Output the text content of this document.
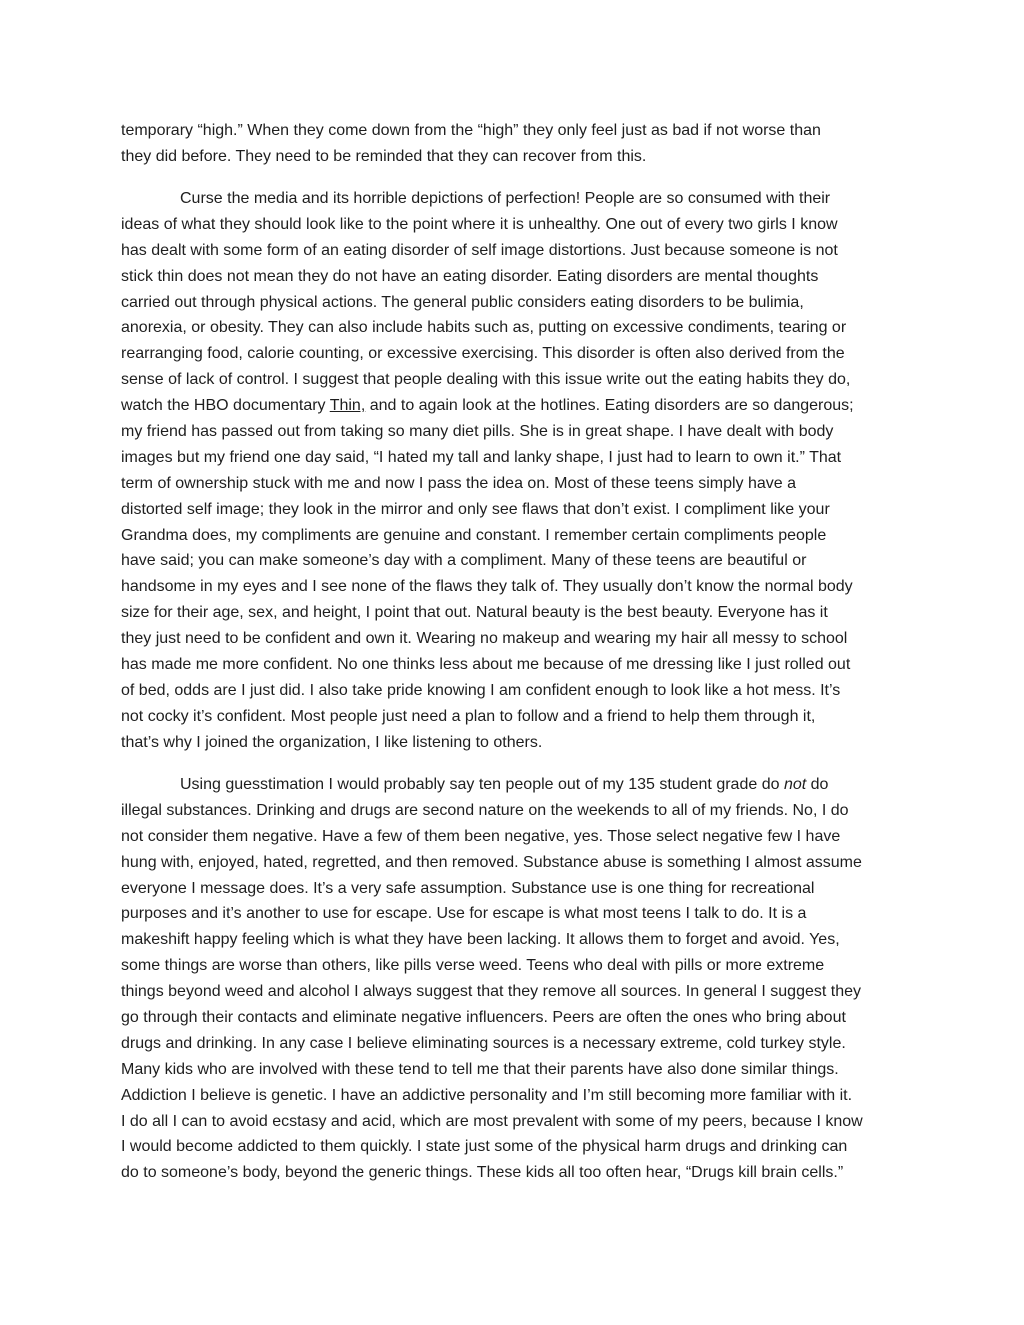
temporary “high.” When they come down from the “high” they only feel just as bad if not worse than
they did before. They need to be reminded that they can recover from this.
Curse the media and its horrible depictions of perfection! People are so consumed with their
ideas of what they should look like to the point where it is unhealthy. One out of every two girls I know
has dealt with some form of an eating disorder of self image distortions. Just because someone is not
stick thin does not mean they do not have an eating disorder. Eating disorders are mental thoughts
carried out through physical actions. The general public considers eating disorders to be bulimia,
anorexia, or obesity. They can also include habits such as, putting on excessive condiments, tearing or
rearranging food, calorie counting, or excessive exercising. This disorder is often also derived from the
sense of lack of control. I suggest that people dealing with this issue write out the eating habits they do,
watch the HBO documentary Thin, and to again look at the hotlines. Eating disorders are so dangerous;
my friend has passed out from taking so many diet pills. She is in great shape. I have dealt with body
images but my friend one day said, “I hated my tall and lanky shape, I just had to learn to own it.” That
term of ownership stuck with me and now I pass the idea on. Most of these teens simply have a
distorted self image; they look in the mirror and only see flaws that don’t exist. I compliment like your
Grandma does, my compliments are genuine and constant. I remember certain compliments people
have said; you can make someone’s day with a compliment. Many of these teens are beautiful or
handsome in my eyes and I see none of the flaws they talk of. They usually don’t know the normal body
size for their age, sex, and height, I point that out. Natural beauty is the best beauty. Everyone has it
they just need to be confident and own it. Wearing no makeup and wearing my hair all messy to school
has made me more confident. No one thinks less about me because of me dressing like I just rolled out
of bed, odds are I just did. I also take pride knowing I am confident enough to look like a hot mess. It’s
not cocky it’s confident. Most people just need a plan to follow and a friend to help them through it,
that’s why I joined the organization, I like listening to others.
Using guesstimation I would probably say ten people out of my 135 student grade do not do
illegal substances. Drinking and drugs are second nature on the weekends to all of my friends. No, I do
not consider them negative. Have a few of them been negative, yes. Those select negative few I have
hung with, enjoyed, hated, regretted, and then removed. Substance abuse is something I almost assume
everyone I message does. It’s a very safe assumption. Substance use is one thing for recreational
purposes and it’s another to use for escape. Use for escape is what most teens I talk to do. It is a
makeshift happy feeling which is what they have been lacking. It allows them to forget and avoid. Yes,
some things are worse than others, like pills verse weed. Teens who deal with pills or more extreme
things beyond weed and alcohol I always suggest that they remove all sources. In general I suggest they
go through their contacts and eliminate negative influencers. Peers are often the ones who bring about
drugs and drinking. In any case I believe eliminating sources is a necessary extreme, cold turkey style.
Many kids who are involved with these tend to tell me that their parents have also done similar things.
Addiction I believe is genetic. I have an addictive personality and I’m still becoming more familiar with it.
I do all I can to avoid ecstasy and acid, which are most prevalent with some of my peers, because I know
I would become addicted to them quickly. I state just some of the physical harm drugs and drinking can
do to someone’s body, beyond the generic things. These kids all too often hear, “Drugs kill brain cells.”
